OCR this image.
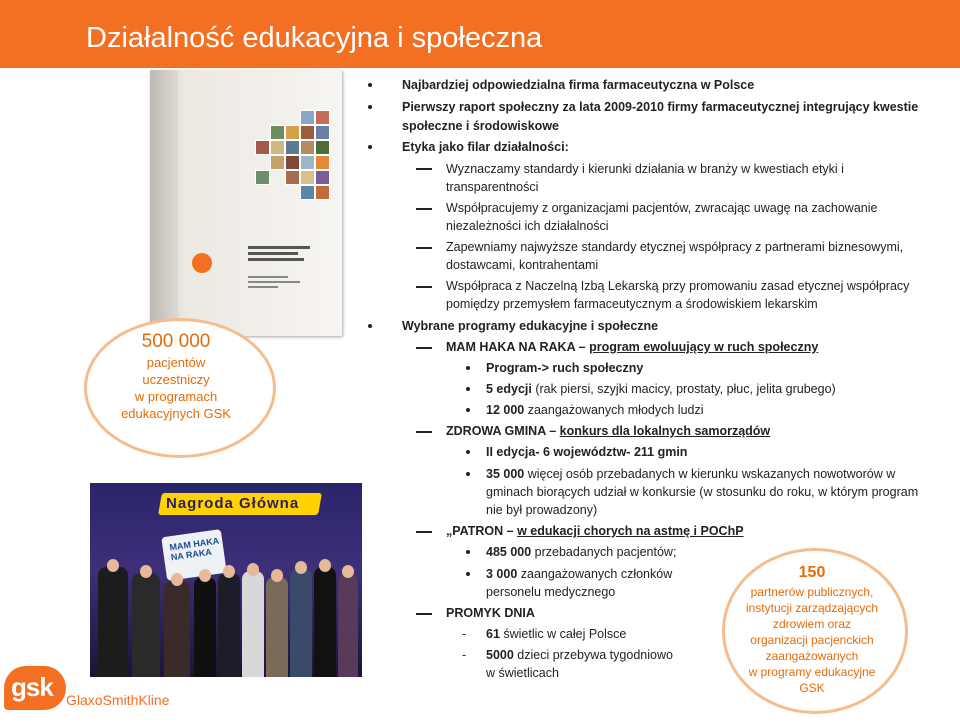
Działalność edukacyjna i społeczna
500 000
pacjentów
uczestniczy
w programach
edukacyjnych GSK
Nagroda Główna
MAM HAKA NA RAKA
gsk GlaxoSmithKline
Najbardziej odpowiedzialna firma farmaceutyczna w Polsce
Pierwszy raport społeczny za lata 2009-2010 firmy farmaceutycznej integrujący kwestie
społeczne i środowiskowe
Etyka jako filar działalności:
Wyznaczamy standardy i kierunki działania w branży w kwestiach etyki i
transparentności
Współpracujemy z organizacjami pacjentów, zwracając uwagę na zachowanie
niezależności ich działalności
Zapewniamy najwyższe standardy etycznej współpracy z partnerami biznesowymi,
dostawcami, kontrahentami
Współpraca z Naczelną Izbą Lekarską przy promowaniu zasad etycznej współpracy
pomiędzy przemysłem farmaceutycznym a środowiskiem lekarskim
Wybrane programy edukacyjne i społeczne
MAM HAKA NA RAKA – program ewoluujący w ruch społeczny
Program-> ruch społeczny
5 edycji (rak piersi, szyjki macicy, prostaty, płuc, jelita grubego)
12 000 zaangażowanych młodych ludzi
ZDROWA GMINA – konkurs dla lokalnych samorządów
II edycja- 6 województw- 211 gmin
35 000 więcej osób przebadanych w kierunku wskazanych nowotworów w
gminach biorących udział w konkursie (w stosunku do roku, w którym program
nie był prowadzony)
„PATRON – w edukacji chorych na astmę i POChP
485 000 przebadanych pacjentów;
3 000 zaangażowanych członków
personelu medycznego
PROMYK DNIA
- 61 świetlic w całej Polsce
- 5000 dzieci przebywa tygodniowo
w świetlicach
150
partnerów publicznych,
instytucji zarządzających
zdrowiem oraz
organizacji pacjenckich
zaangażowanych
w programy edukacyjne
GSK
